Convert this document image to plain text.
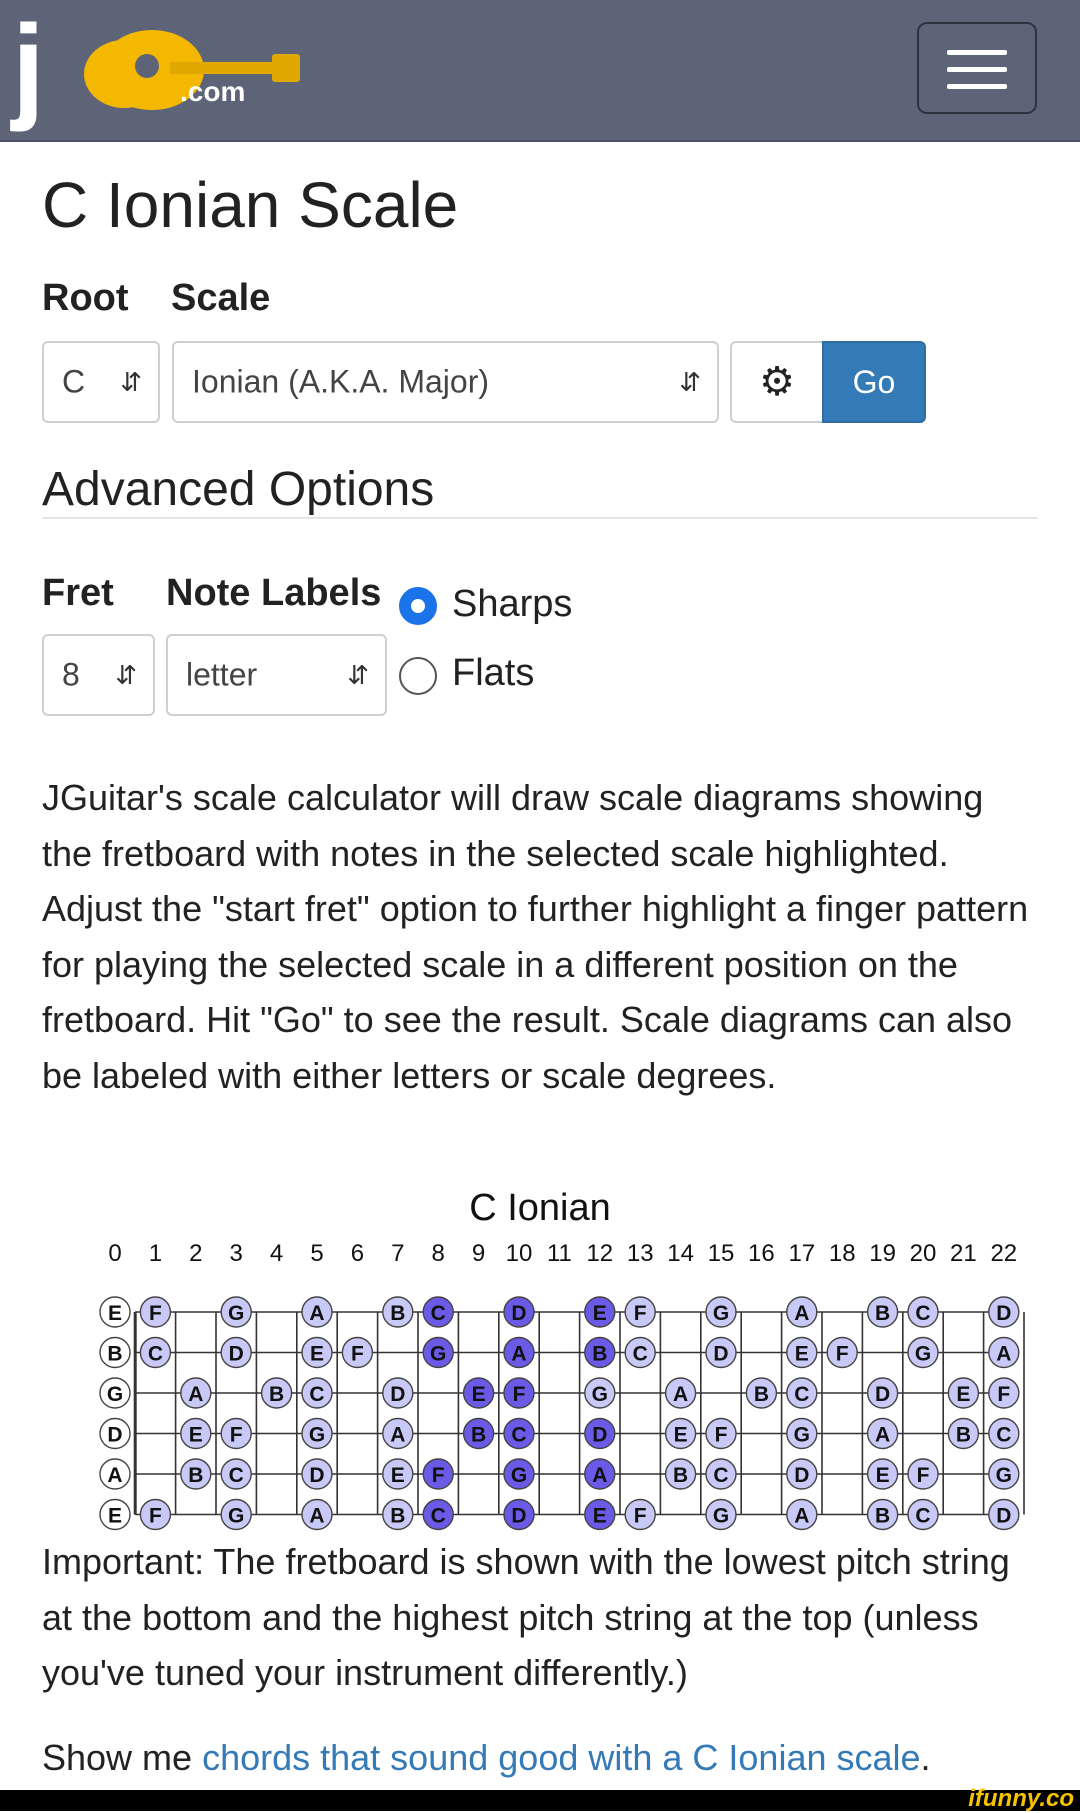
j	.com
C Ionian Scale
Root Scale
C ⇵ Ionian (A.K.A. Major)	⇵ ⚙	Go
Advanced Options
Fret Note Labels Sharps
Flats
8 ⇵ letter	⇵

JGuitar's scale calculator will draw scale diagrams showing the fretboard with notes in the selected scale highlighted. Adjust the "start fret" option to further highlight a finger pattern for playing the selected scale in a different position on the fretboard. Hit "Go" to see the result. Scale diagrams can also be labeled with either letters or scale degrees.

C Ionian
0 1 2 3 4 5 6 7 8 9 10 11 12 13 14 15 16 17 18 19 20 21 22
E F	G	A	B C	D	E F	G	A	B C	D
B C	D	E F	G	A	B C	D	E F	G	A
G	A	B C	D	E F	G	A	B C	D	E F
D	E F	G	A	B C	D	E F	G	A	B C
A	B C	D	E F	G	A	B C	D	E F	G
E F	G	A	B C	D	E F	G	A	B C	D

Important: The fretboard is shown with the lowest pitch string at the bottom and the highest pitch string at the top (unless you've tuned your instrument differently.)

Show me chords that sound good with a C Ionian scale.

ifunny.co
